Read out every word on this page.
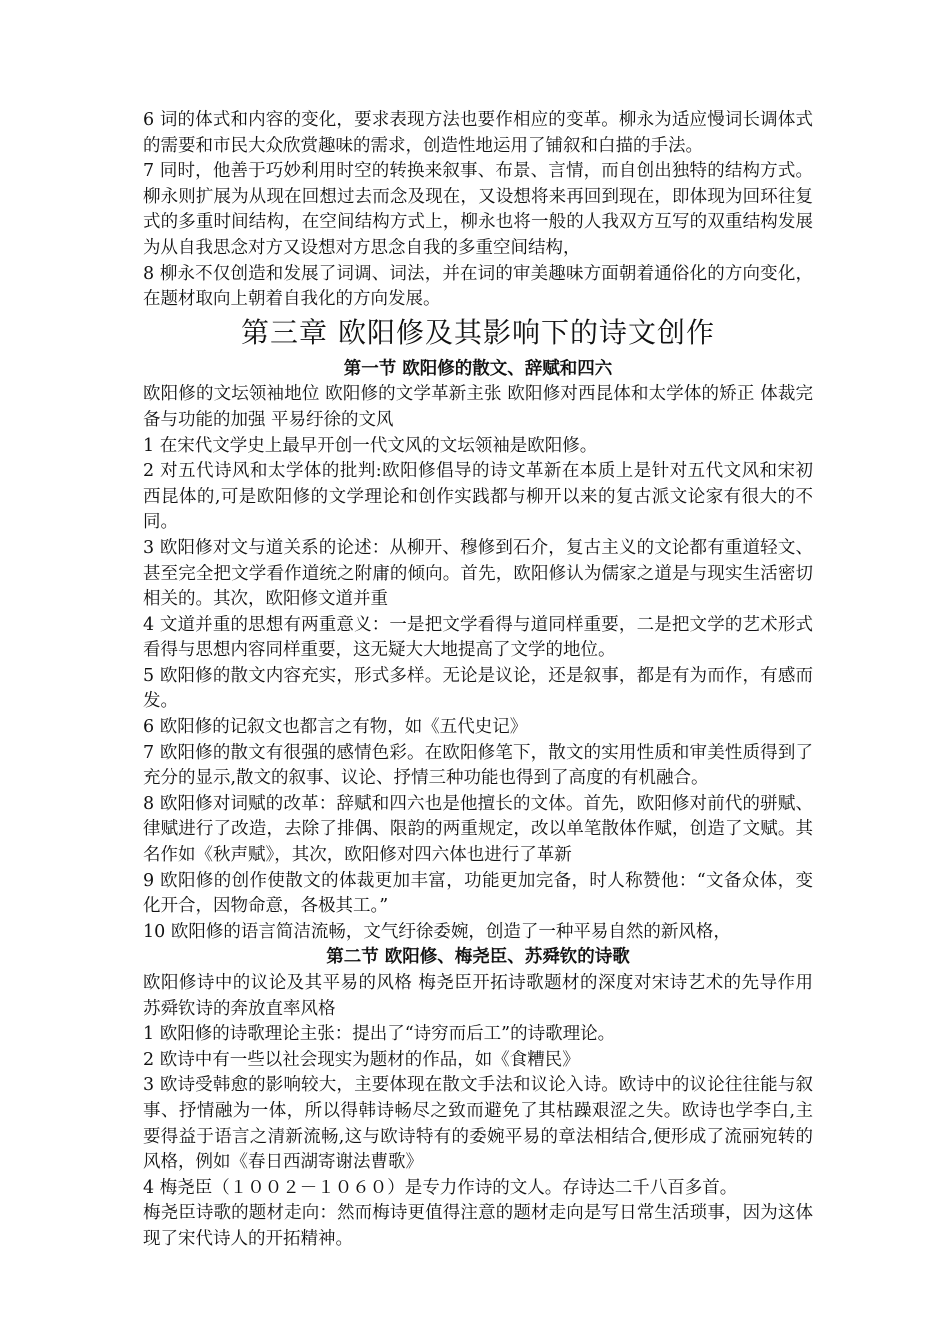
6 词的体式和内容的变化，要求表现方法也要作相应的变革。柳永为适应慢词长调体式的需要和市民大众欣赏趣味的需求，创造性地运用了铺叙和白描的手法。

7 同时，他善于巧妙利用时空的转换来叙事、布景、言情，而自创出独特的结构方式。柳永则扩展为从现在回想过去而念及现在，又设想将来再回到现在，即体现为回环往复式的多重时间结构，在空间结构方式上，柳永也将一般的人我双方互写的双重结构发展为从自我思念对方又设想对方思念自我的多重空间结构，

8 柳永不仅创造和发展了词调、词法，并在词的审美趣味方面朝着通俗化的方向变化，在题材取向上朝着自我化的方向发展。

第三章 欧阳修及其影响下的诗文创作
第一节 欧阳修的散文、辞赋和四六

欧阳修的文坛领袖地位 欧阳修的文学革新主张 欧阳修对西昆体和太学体的矫正 体裁完备与功能的加强 平易纡徐的文风

1 在宋代文学史上最早开创一代文风的文坛领袖是欧阳修。

2 对五代诗风和太学体的批判:欧阳修倡导的诗文革新在本质上是针对五代文风和宋初西昆体的,可是欧阳修的文学理论和创作实践都与柳开以来的复古派文论家有很大的不同。

3 欧阳修对文与道关系的论述：从柳开、穆修到石介，复古主义的文论都有重道轻文、甚至完全把文学看作道统之附庸的倾向。首先，欧阳修认为儒家之道是与现实生活密切相关的。其次，欧阳修文道并重

4 文道并重的思想有两重意义：一是把文学看得与道同样重要，二是把文学的艺术形式看得与思想内容同样重要，这无疑大大地提高了文学的地位。

5 欧阳修的散文内容充实，形式多样。无论是议论，还是叙事，都是有为而作，有感而发。

6 欧阳修的记叙文也都言之有物，如《五代史记》

7 欧阳修的散文有很强的感情色彩。在欧阳修笔下，散文的实用性质和审美性质得到了充分的显示,散文的叙事、议论、抒情三种功能也得到了高度的有机融合。

8 欧阳修对词赋的改革：辞赋和四六也是他擅长的文体。首先，欧阳修对前代的骈赋、律赋进行了改造，去除了排偶、限韵的两重规定，改以单笔散体作赋，创造了文赋。其名作如《秋声赋》，其次，欧阳修对四六体也进行了革新

9 欧阳修的创作使散文的体裁更加丰富，功能更加完备，时人称赞他：“文备众体，变化开合，因物命意，各极其工。”

10 欧阳修的语言简洁流畅，文气纡徐委婉，创造了一种平易自然的新风格，

第二节 欧阳修、梅尧臣、苏舜钦的诗歌

欧阳修诗中的议论及其平易的风格 梅尧臣开拓诗歌题材的深度对宋诗艺术的先导作用 苏舜钦诗的奔放直率风格

1 欧阳修的诗歌理论主张：提出了“诗穷而后工”的诗歌理论。

2 欧诗中有一些以社会现实为题材的作品，如《食糟民》

3 欧诗受韩愈的影响较大，主要体现在散文手法和议论入诗。欧诗中的议论往往能与叙事、抒情融为一体，所以得韩诗畅尽之致而避免了其枯躁艰涩之失。欧诗也学李白,主要得益于语言之清新流畅,这与欧诗特有的委婉平易的章法相结合,便形成了流丽宛转的风格，例如《春日西湖寄谢法曹歌》

4 梅尧臣（１００２－１０６０）是专力作诗的文人。存诗达二千八百多首。

梅尧臣诗歌的题材走向：然而梅诗更值得注意的题材走向是写日常生活琐事，因为这体现了宋代诗人的开拓精神。
